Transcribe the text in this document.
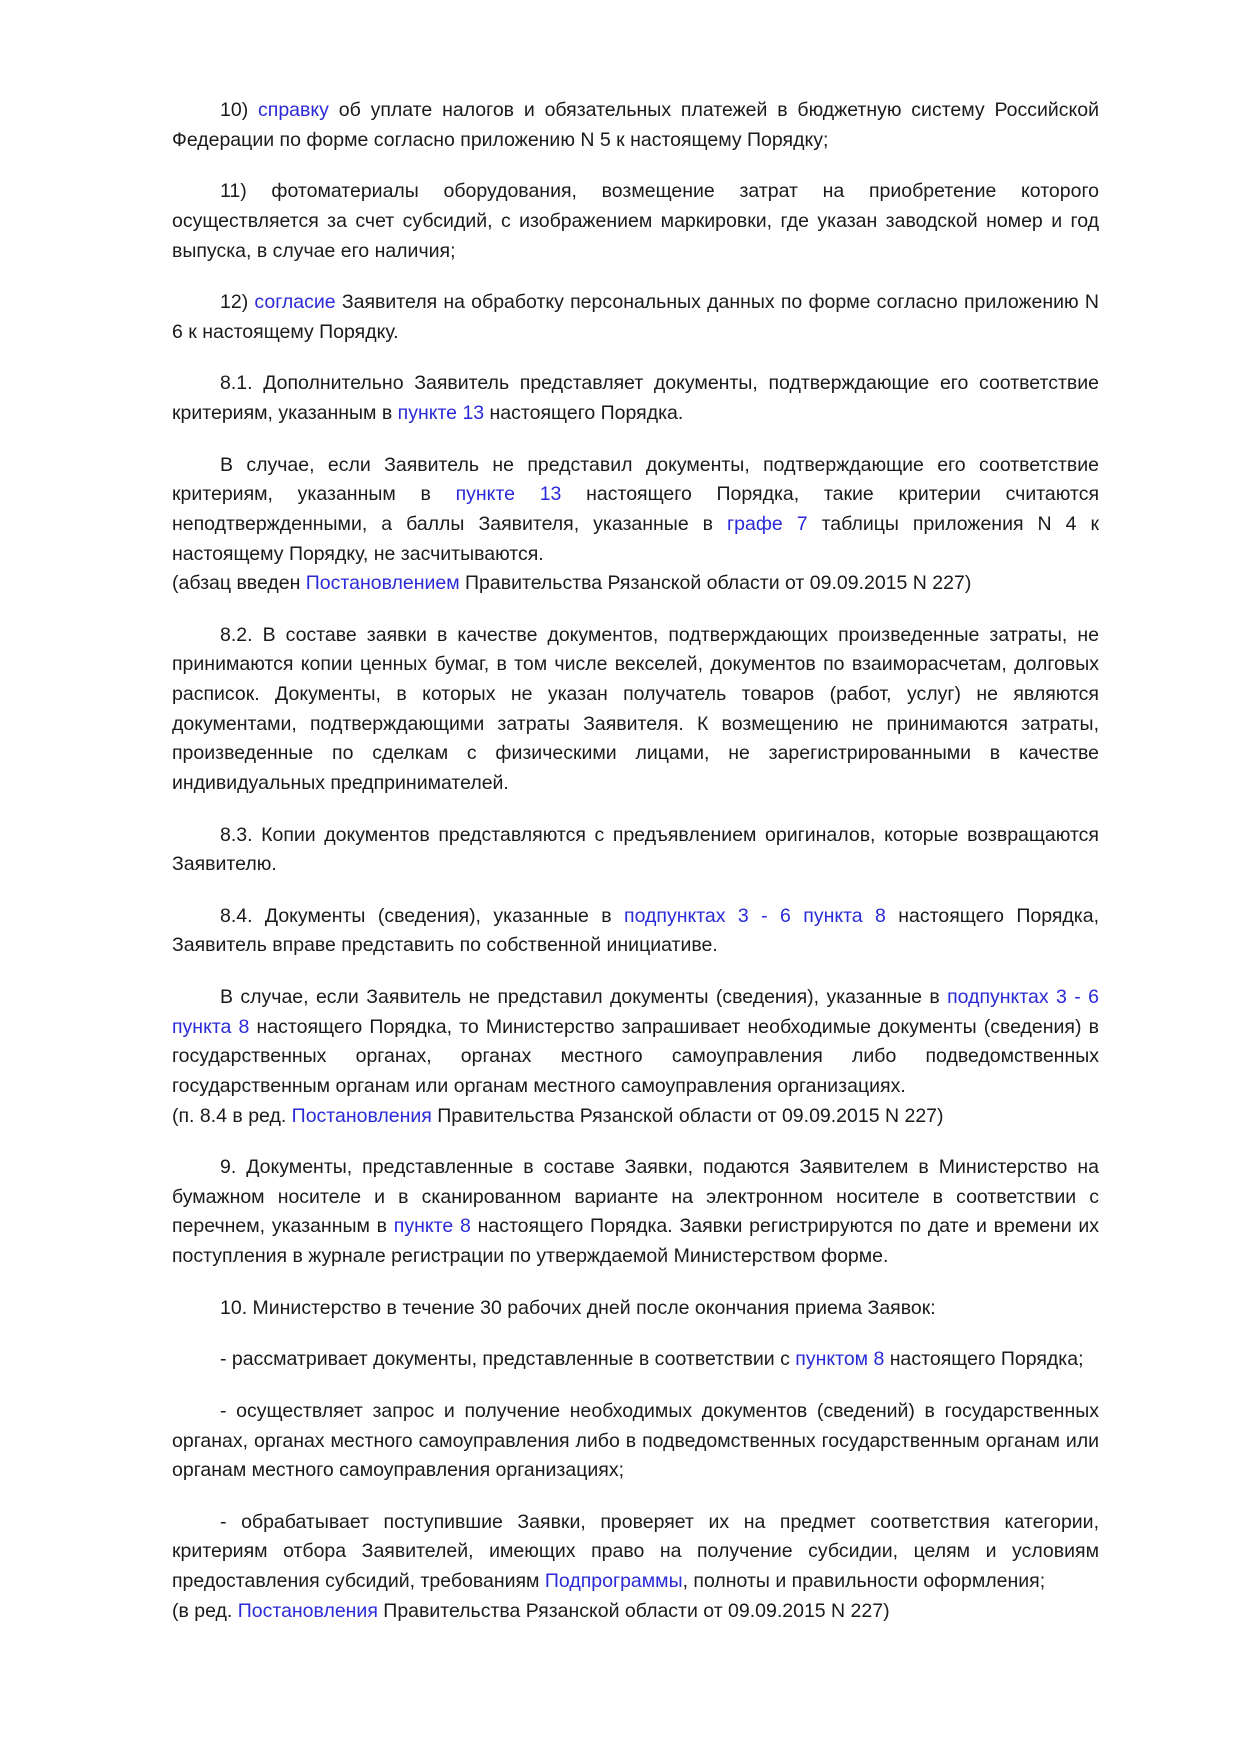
10) справку об уплате налогов и обязательных платежей в бюджетную систему Российской Федерации по форме согласно приложению N 5 к настоящему Порядку;

11) фотоматериалы оборудования, возмещение затрат на приобретение которого осуществляется за счет субсидий, с изображением маркировки, где указан заводской номер и год выпуска, в случае его наличия;

12) согласие Заявителя на обработку персональных данных по форме согласно приложению N 6 к настоящему Порядку.

8.1. Дополнительно Заявитель представляет документы, подтверждающие его соответствие критериям, указанным в пункте 13 настоящего Порядка.

В случае, если Заявитель не представил документы, подтверждающие его соответствие критериям, указанным в пункте 13 настоящего Порядка, такие критерии считаются неподтвержденными, а баллы Заявителя, указанные в графе 7 таблицы приложения N 4 к настоящему Порядку, не засчитываются.

(абзац введен Постановлением Правительства Рязанской области от 09.09.2015 N 227)

8.2. В составе заявки в качестве документов, подтверждающих произведенные затраты, не принимаются копии ценных бумаг, в том числе векселей, документов по взаиморасчетам, долговых расписок. Документы, в которых не указан получатель товаров (работ, услуг) не являются документами, подтверждающими затраты Заявителя. К возмещению не принимаются затраты, произведенные по сделкам с физическими лицами, не зарегистрированными в качестве индивидуальных предпринимателей.

8.3. Копии документов представляются с предъявлением оригиналов, которые возвращаются Заявителю.

8.4. Документы (сведения), указанные в подпунктах 3 - 6 пункта 8 настоящего Порядка, Заявитель вправе представить по собственной инициативе.

В случае, если Заявитель не представил документы (сведения), указанные в подпунктах 3 - 6 пункта 8 настоящего Порядка, то Министерство запрашивает необходимые документы (сведения) в государственных органах, органах местного самоуправления либо подведомственных государственным органам или органам местного самоуправления организациях.

(п. 8.4 в ред. Постановления Правительства Рязанской области от 09.09.2015 N 227)

9. Документы, представленные в составе Заявки, подаются Заявителем в Министерство на бумажном носителе и в сканированном варианте на электронном носителе в соответствии с перечнем, указанным в пункте 8 настоящего Порядка. Заявки регистрируются по дате и времени их поступления в журнале регистрации по утверждаемой Министерством форме.

10. Министерство в течение 30 рабочих дней после окончания приема Заявок:

- рассматривает документы, представленные в соответствии с пунктом 8 настоящего Порядка;

- осуществляет запрос и получение необходимых документов (сведений) в государственных органах, органах местного самоуправления либо в подведомственных государственным органам или органам местного самоуправления организациях;

- обрабатывает поступившие Заявки, проверяет их на предмет соответствия категории, критериям отбора Заявителей, имеющих право на получение субсидии, целям и условиям предоставления субсидий, требованиям Подпрограммы, полноты и правильности оформления;

(в ред. Постановления Правительства Рязанской области от 09.09.2015 N 227)
